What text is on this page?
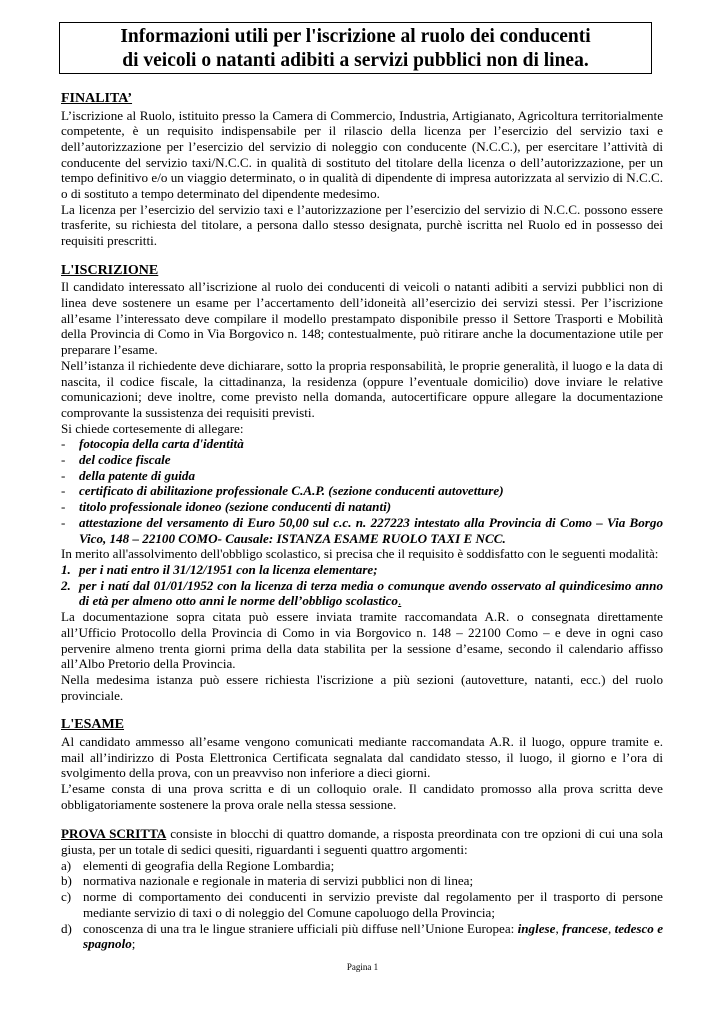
Informazioni utili per l'iscrizione al ruolo dei conducenti
di veicoli o natanti adibiti a servizi pubblici non di linea.
FINALITA’
L’iscrizione al Ruolo, istituito presso la Camera di Commercio, Industria, Artigianato, Agricoltura territorialmente competente, è un requisito indispensabile per il rilascio della licenza per l’esercizio del servizio taxi e dell’autorizzazione per l’esercizio del servizio di noleggio con conducente (N.C.C.), per esercitare l’attività di conducente del servizio taxi/N.C.C. in qualità di sostituto del titolare della licenza o dell’autorizzazione, per un tempo definitivo e/o un viaggio determinato, o in qualità di dipendente di impresa autorizzata al servizio di N.C.C. o di sostituto a tempo determinato del dipendente medesimo.
La licenza per l’esercizio del servizio taxi e l’autorizzazione per l’esercizio del servizio di N.C.C. possono essere trasferite, su richiesta del titolare, a persona dallo stesso designata, purchè iscritta nel Ruolo ed in possesso dei requisiti prescritti.
L'ISCRIZIONE
Il candidato interessato all’iscrizione al ruolo dei conducenti di veicoli o natanti adibiti a servizi pubblici non di linea deve sostenere un esame per l’accertamento dell’idoneità all’esercizio dei servizi stessi. Per l’iscrizione all’esame l’interessato deve compilare il modello prestampato disponibile presso il Settore Trasporti e Mobilità della Provincia di Como in Via Borgovico n. 148; contestualmente, può ritirare anche la documentazione utile per preparare l’esame.
Nell’istanza il richiedente deve dichiarare, sotto la propria responsabilità, le proprie generalità, il luogo e la data di nascita, il codice fiscale, la cittadinanza, la residenza (oppure l’eventuale domicilio) dove inviare le relative comunicazioni; deve inoltre, come previsto nella domanda, autocertificare oppure allegare la documentazione comprovante la sussistenza dei requisiti previsti.
Si chiede cortesemente di allegare:
-	fotocopia della carta d'identità
-	del codice fiscale
-	della patente di guida
-	certificato di abilitazione professionale C.A.P. (sezione conducenti autovetture)
-	titolo professionale idoneo (sezione conducenti di natanti)
-	attestazione del versamento di Euro 50,00 sul c.c. n. 227223 intestato alla Provincia di Como – Via Borgo Vico, 148 – 22100 COMO- Causale: ISTANZA ESAME RUOLO TAXI E NCC.
In merito all'assolvimento dell'obbligo scolastico, si precisa che il requisito è soddisfatto con le seguenti modalità:
1. per i nati entro il 31/12/1951 con la licenza elementare;
2. per i natí dal 01/01/1952 con la licenza di terza media o comunque avendo osservato al quindicesimo anno di età per almeno otto anni le norme dell’obbligo scolastico.
La documentazione sopra citata può essere inviata tramite raccomandata A.R. o consegnata direttamente all’Ufficio Protocollo della Provincia di Como in via Borgovico n. 148 – 22100 Como – e deve in ogni caso pervenire almeno trenta giorni prima della data stabilita per la sessione d’esame, secondo il calendario affisso all’Albo Pretorio della Provincia.
Nella medesima istanza può essere richiesta l'iscrizione a più sezioni (autovetture, natanti, ecc.) del ruolo provinciale.
L'ESAME
Al candidato ammesso all’esame vengono comunicati mediante raccomandata A.R. il luogo, oppure tramite e. mail all’indirizzo di Posta Elettronica Certificata segnalata dal candidato stesso, il luogo, il giorno e l’ora di svolgimento della prova, con un preavviso non inferiore a dieci giorni.
L’esame consta di una prova scritta e di un colloquio orale. Il candidato promosso alla prova scritta deve obbligatoriamente sostenere la prova orale nella stessa sessione.
PROVA SCRITTA consiste in blocchi di quattro domande, a risposta preordinata con tre opzioni di cui una sola giusta, per un totale di sedici quesiti, riguardanti i seguenti quattro argomenti:
a) elementi di geografia della Regione Lombardia;
b) normativa nazionale e regionale in materia di servizi pubblici non di linea;
c) norme di comportamento dei conducenti in servizio previste dal regolamento per il trasporto di persone mediante servizio di taxi o di noleggio del Comune capoluogo della Provincia;
d) conoscenza di una tra le lingue straniere ufficiali più diffuse nell’Unione Europea: inglese, francese, tedesco e spagnolo;
Pagina 1
